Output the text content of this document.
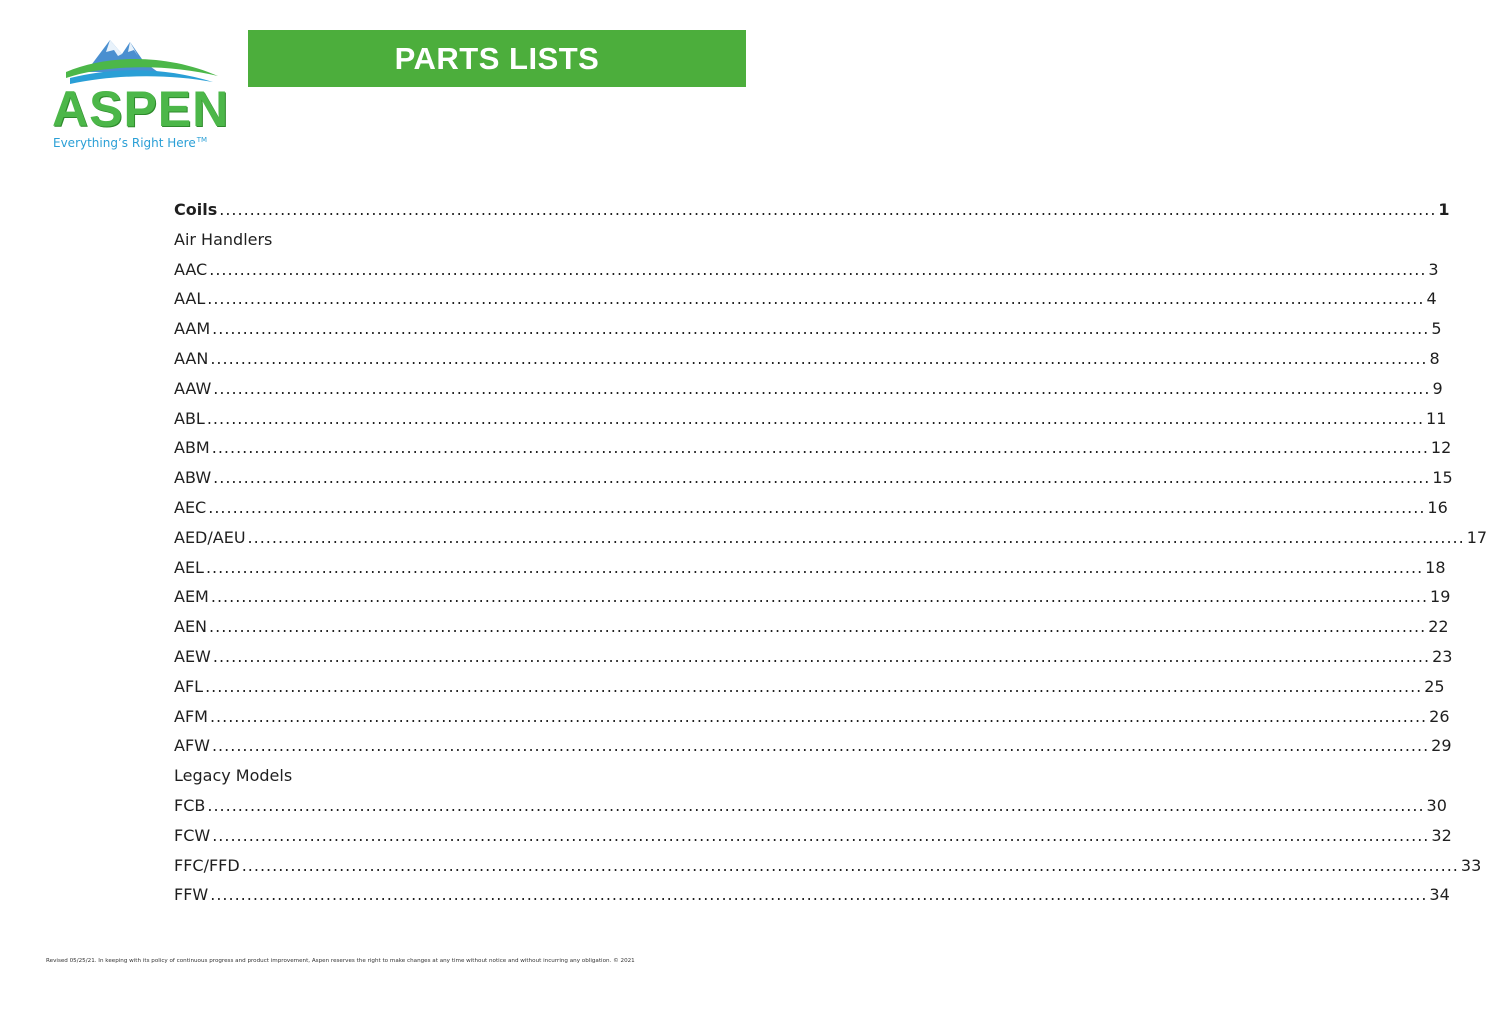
ASPEN
Everything’s Right Here™
PARTS LISTS
Coils ........................................................................................................................................................................................................ 1
Air Handlers
AAC ........................................................................................................................................................................................................ 3
AAL ........................................................................................................................................................................................................ 4
AAM ........................................................................................................................................................................................................ 5
AAN ........................................................................................................................................................................................................ 8
AAW ........................................................................................................................................................................................................ 9
ABL ........................................................................................................................................................................................................ 11
ABM ........................................................................................................................................................................................................ 12
ABW ........................................................................................................................................................................................................ 15
AEC ........................................................................................................................................................................................................ 16
AED/AEU ........................................................................................................................................................................................................ 17
AEL ........................................................................................................................................................................................................ 18
AEM ........................................................................................................................................................................................................ 19
AEN ........................................................................................................................................................................................................ 22
AEW ........................................................................................................................................................................................................ 23
AFL ........................................................................................................................................................................................................ 25
AFM ........................................................................................................................................................................................................ 26
AFW ........................................................................................................................................................................................................ 29
Legacy Models
FCB ........................................................................................................................................................................................................ 30
FCW ........................................................................................................................................................................................................ 32
FFC/FFD ........................................................................................................................................................................................................ 33
FFW ........................................................................................................................................................................................................ 34
Revised 05/25/21. In keeping with its policy of continuous progress and product improvement, Aspen reserves the right to make changes at any time without notice and without incurring any obligation. © 2021
